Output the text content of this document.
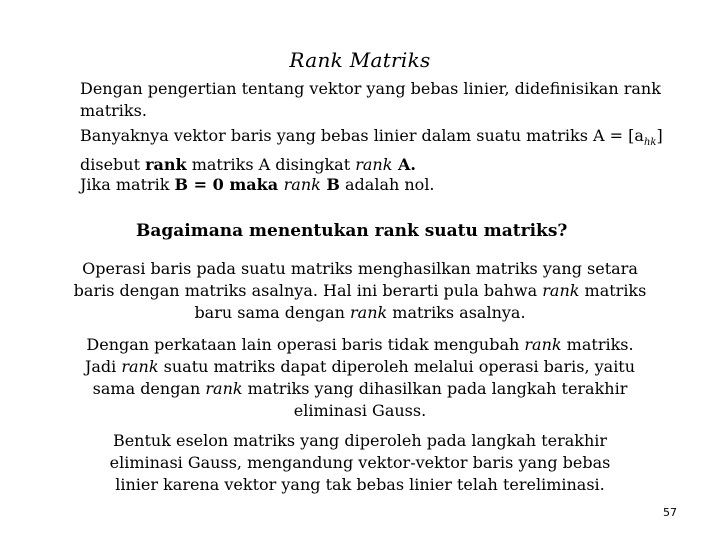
Rank Matriks
Dengan pengertian tentang vektor yang bebas linier, didefinisikan rank
matriks.
Banyaknya vektor baris yang bebas linier dalam suatu matriks $A = [a_{hk}]$
disebut rank matriks A disingkat rank A.
Jika matrik B = 0 maka rank B adalah nol.
Bagaimana menentukan rank suatu matriks?
Operasi baris pada suatu matriks menghasilkan matriks yang setara
baris dengan matriks asalnya. Hal ini berarti pula bahwa rank matriks
baru sama dengan rank matriks asalnya.
Dengan perkataan lain operasi baris tidak mengubah rank matriks.
Jadi rank suatu matriks dapat diperoleh melalui operasi baris, yaitu
sama dengan rank matriks yang dihasilkan pada langkah terakhir
eliminasi Gauss.
Bentuk eselon matriks yang diperoleh pada langkah terakhir
eliminasi Gauss, mengandung vektor-vektor baris yang bebas
linier karena vektor yang tak bebas linier telah tereliminasi.
57
